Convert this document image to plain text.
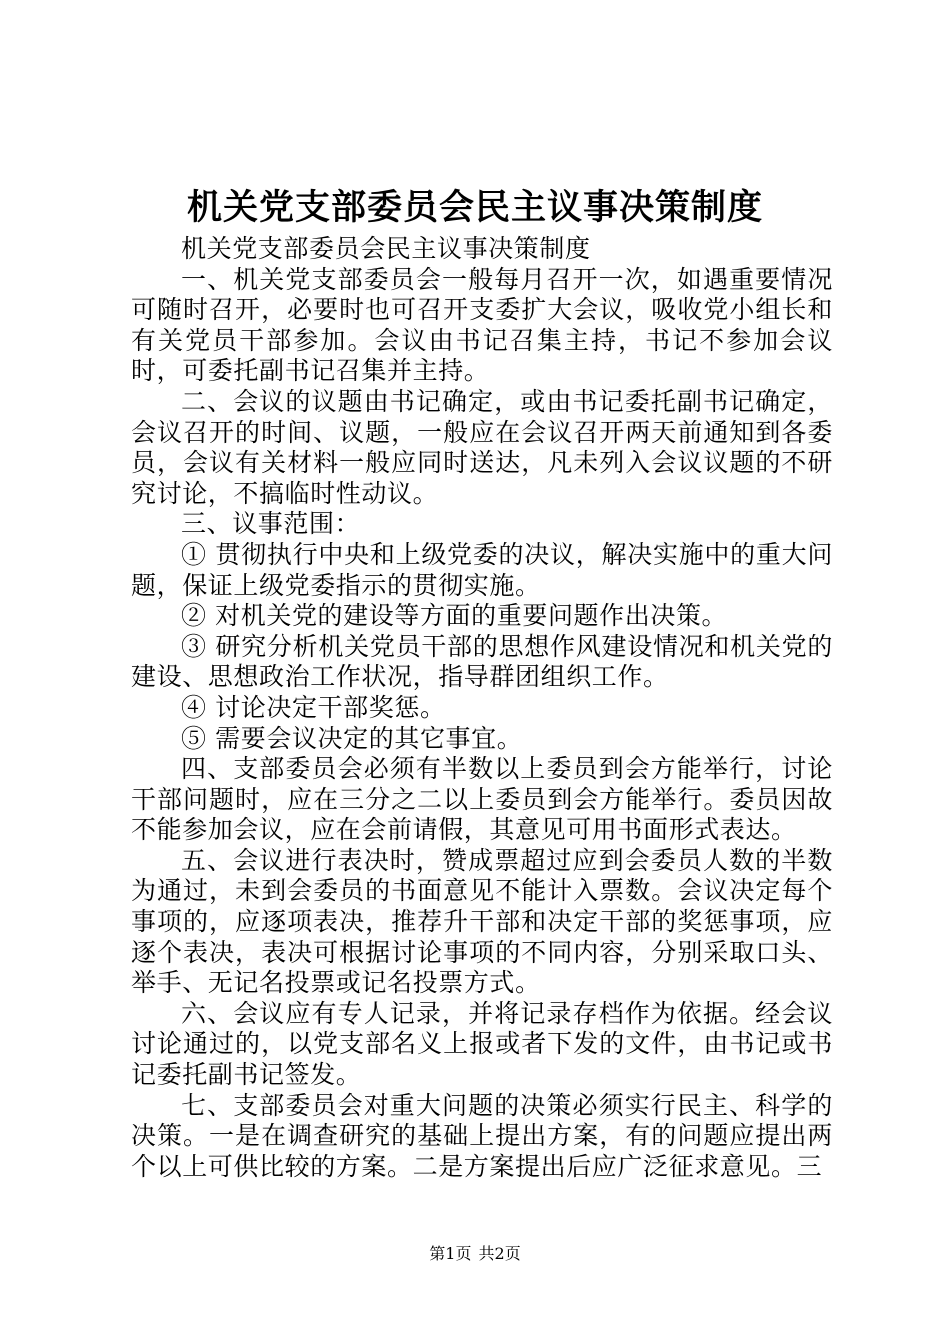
机关党支部委员会民主议事决策制度

机关党支部委员会民主议事决策制度

一、机关党支部委员会一般每月召开一次，如遇重要情况可随时召开，必要时也可召开支委扩大会议，吸收党小组长和有关党员干部参加。会议由书记召集主持，书记不参加会议时，可委托副书记召集并主持。

二、会议的议题由书记确定，或由书记委托副书记确定，会议召开的时间、议题，一般应在会议召开两天前通知到各委员，会议有关材料一般应同时送达，凡未列入会议议题的不研究讨论，不搞临时性动议。

三、议事范围：

① 贯彻执行中央和上级党委的决议，解决实施中的重大问题，保证上级党委指示的贯彻实施。

② 对机关党的建设等方面的重要问题作出决策。

③ 研究分析机关党员干部的思想作风建设情况和机关党的建设、思想政治工作状况，指导群团组织工作。

④ 讨论决定干部奖惩。

⑤ 需要会议决定的其它事宜。

四、支部委员会必须有半数以上委员到会方能举行，讨论干部问题时，应在三分之二以上委员到会方能举行。委员因故不能参加会议，应在会前请假，其意见可用书面形式表达。

五、会议进行表决时，赞成票超过应到会委员人数的半数为通过，未到会委员的书面意见不能计入票数。会议决定每个事项的，应逐项表决，推荐升干部和决定干部的奖惩事项，应逐个表决，表决可根据讨论事项的不同内容，分别采取口头、举手、无记名投票或记名投票方式。

六、会议应有专人记录，并将记录存档作为依据。经会议讨论通过的，以党支部名义上报或者下发的文件，由书记或书记委托副书记签发。

七、支部委员会对重大问题的决策必须实行民主、科学的决策。一是在调查研究的基础上提出方案，有的问题应提出两个以上可供比较的方案。二是方案提出后应广泛征求意见。三

第1页 共2页
